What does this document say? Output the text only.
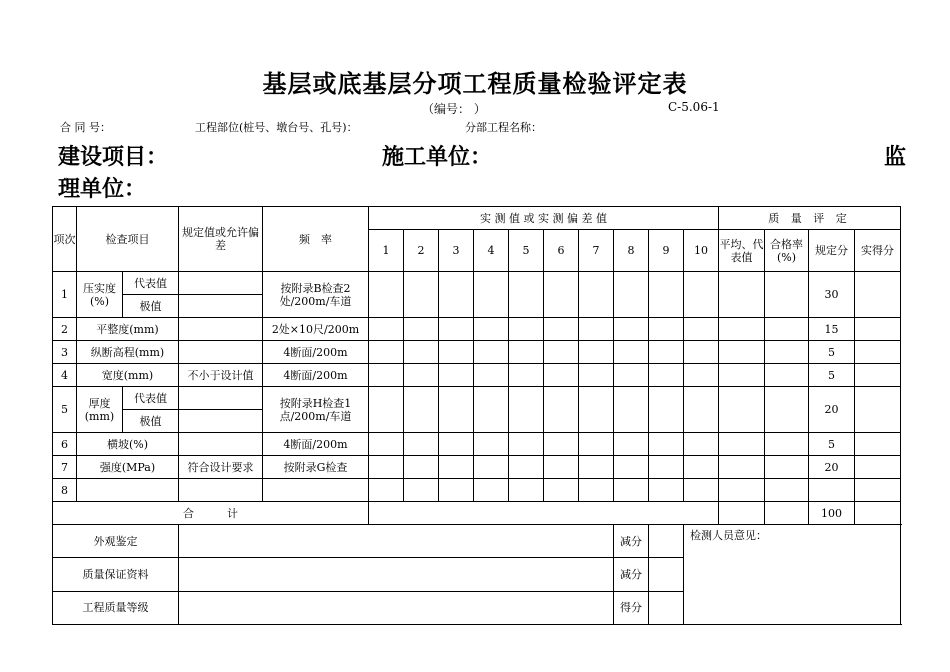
基层或底基层分项工程质量检验评定表
（编号： ）	C-5.06-1
合 同 号：	工程部位(桩号、墩台号、孔号)：	分部工程名称：
建设项目：	施工单位：	监
理单位：
项次	检查项目		规定值或允许偏差	频　率	实 测 值 或 实 测 偏 差 值										质 量 评 定				
					1	2	3	4	5	6	7	8	9	10	平均、代表值	合格率(%)	规定分	实得分	
1	压实度(%)	代表值		按附录B检查2处/200m/车道													30		
		极值																	
2	平整度(mm)			2处×10尺/200m													15		
3	纵断高程(mm)			4断面/200m													5		
4	宽度(mm)		不小于设计值	4断面/200m													5		
5	厚度(mm)	代表值		按附录H检查1点/200m/车道													20		
		极值																	
6	横坡(%)			4断面/200m													5		
7	强度(MPa)		符合设计要求	按附录G检查													20		
8																			
合　　　计																	100		
外观鉴定												减分		检测人员意见：	
质量保证资料												减分							
工程质量等级												得分							
